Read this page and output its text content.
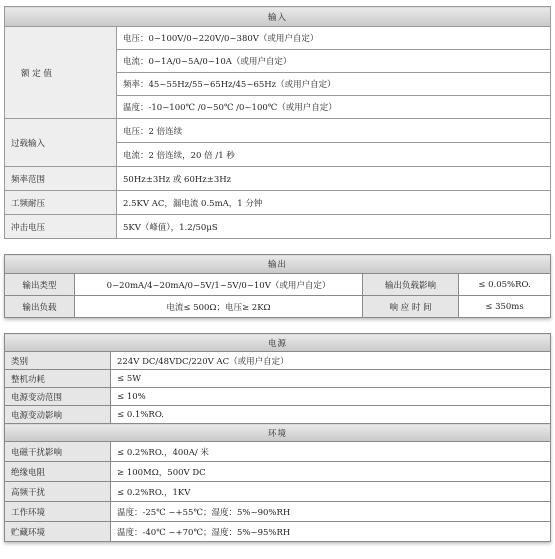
输入	
额 定 值	电压：0~100V/0~220V/0~380V（或用户自定）
	电流：0~1A/0~5A/0~10A（或用户自定）
	频率：45~55Hz/55~65Hz/45~65Hz（或用户自定）
	温度：-10~100℃ /0~50℃ /0~100℃（或用户自定）
过载输入	电压：2 倍连续
	电流：2 倍连续，20 倍 /1 秒
频率范围	50Hz±3Hz 或 60Hz±3Hz
工频耐压	2.5KV AC，漏电流 0.5mA，1 分钟
冲击电压	5KV（峰值），1.2/50μS
输出			
输出类型	0~20mA/4~20mA/0~5V/1~5V/0~10V（或用户自定）	输出负载影响	≤ 0.05%RO.
输出负载	电流≤ 500Ω；电压≥ 2KΩ	响 应 时 间	≤ 350ms
电源	
类别	224V DC/48VDC/220V AC（或用户自定）
整机功耗	≤ 5W
电源变动范围	≤ 10%
电源变动影响	≤ 0.1%RO.
环境	
电磁干扰影响	≤ 0.2%RO.，400A/ 米
绝缘电阻	≥ 100MΩ，500V DC
高频干扰	≤ 0.2%RO.，1KV
工作环境	温度：-25℃ ~+55℃；湿度：5%~90%RH
贮藏环境	温度：-40℃ ~+70℃；湿度：5%~95%RH
